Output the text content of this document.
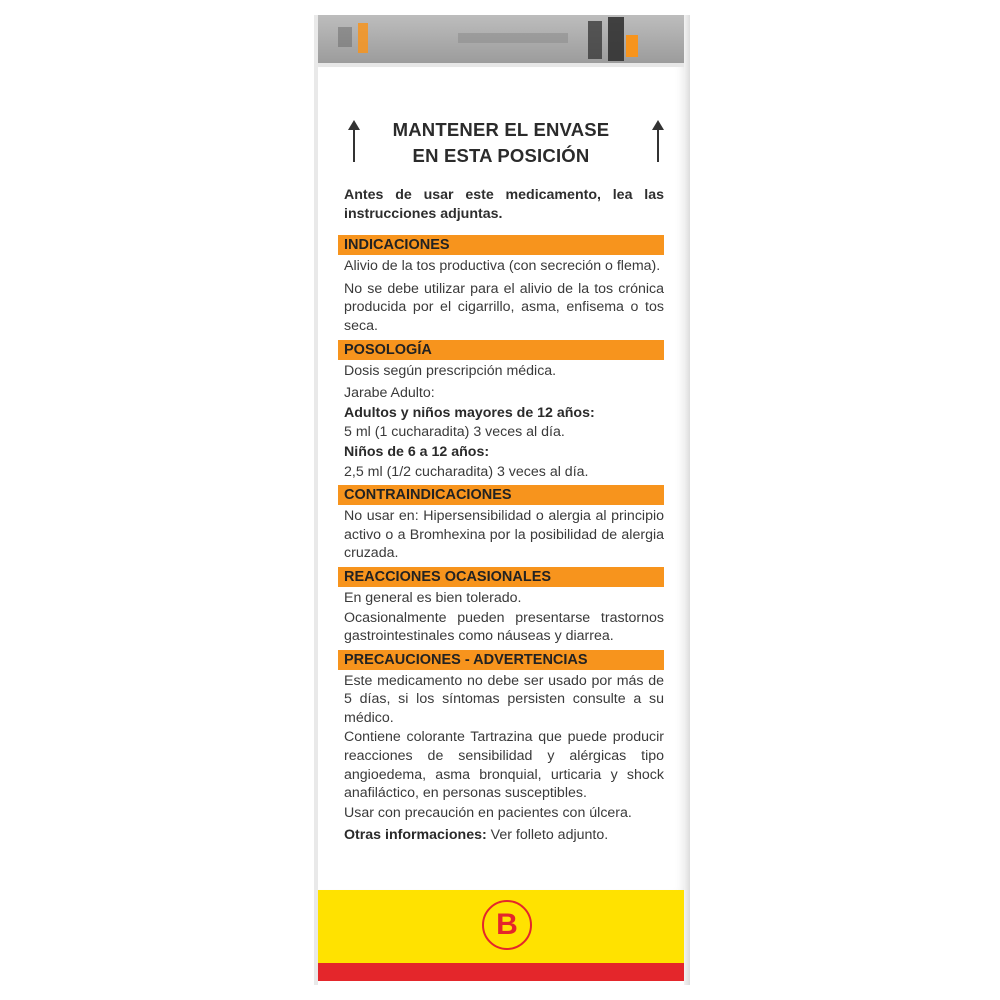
MANTENER EL ENVASE
EN ESTA POSICIÓN
Antes de usar este medicamento, lea las instrucciones adjuntas.
INDICACIONES
Alivio de la tos productiva (con secreción o flema).
No se debe utilizar para el alivio de la tos crónica producida por el cigarrillo, asma, enfisema o tos seca.
POSOLOGÍA
Dosis según prescripción médica.
Jarabe Adulto:
Adultos y niños mayores de 12 años:
5 ml (1 cucharadita) 3 veces al día.
Niños de 6 a 12 años:
2,5 ml (1/2 cucharadita) 3 veces al día.
CONTRAINDICACIONES
No usar en: Hipersensibilidad o alergia al principio activo o a Bromhexina por la posibilidad de alergia cruzada.
REACCIONES OCASIONALES
En general es bien tolerado.
Ocasionalmente pueden presentarse trastornos gastrointestinales como náuseas y diarrea.
PRECAUCIONES - ADVERTENCIAS
Este medicamento no debe ser usado por más de 5 días, si los síntomas persisten consulte a su médico.
Contiene colorante Tartrazina que puede producir reacciones de sensibilidad y alérgicas tipo angioedema, asma bronquial, urticaria y shock anafiláctico, en personas susceptibles.
Usar con precaución en pacientes con úlcera.
Otras informaciones: Ver folleto adjunto.
B
